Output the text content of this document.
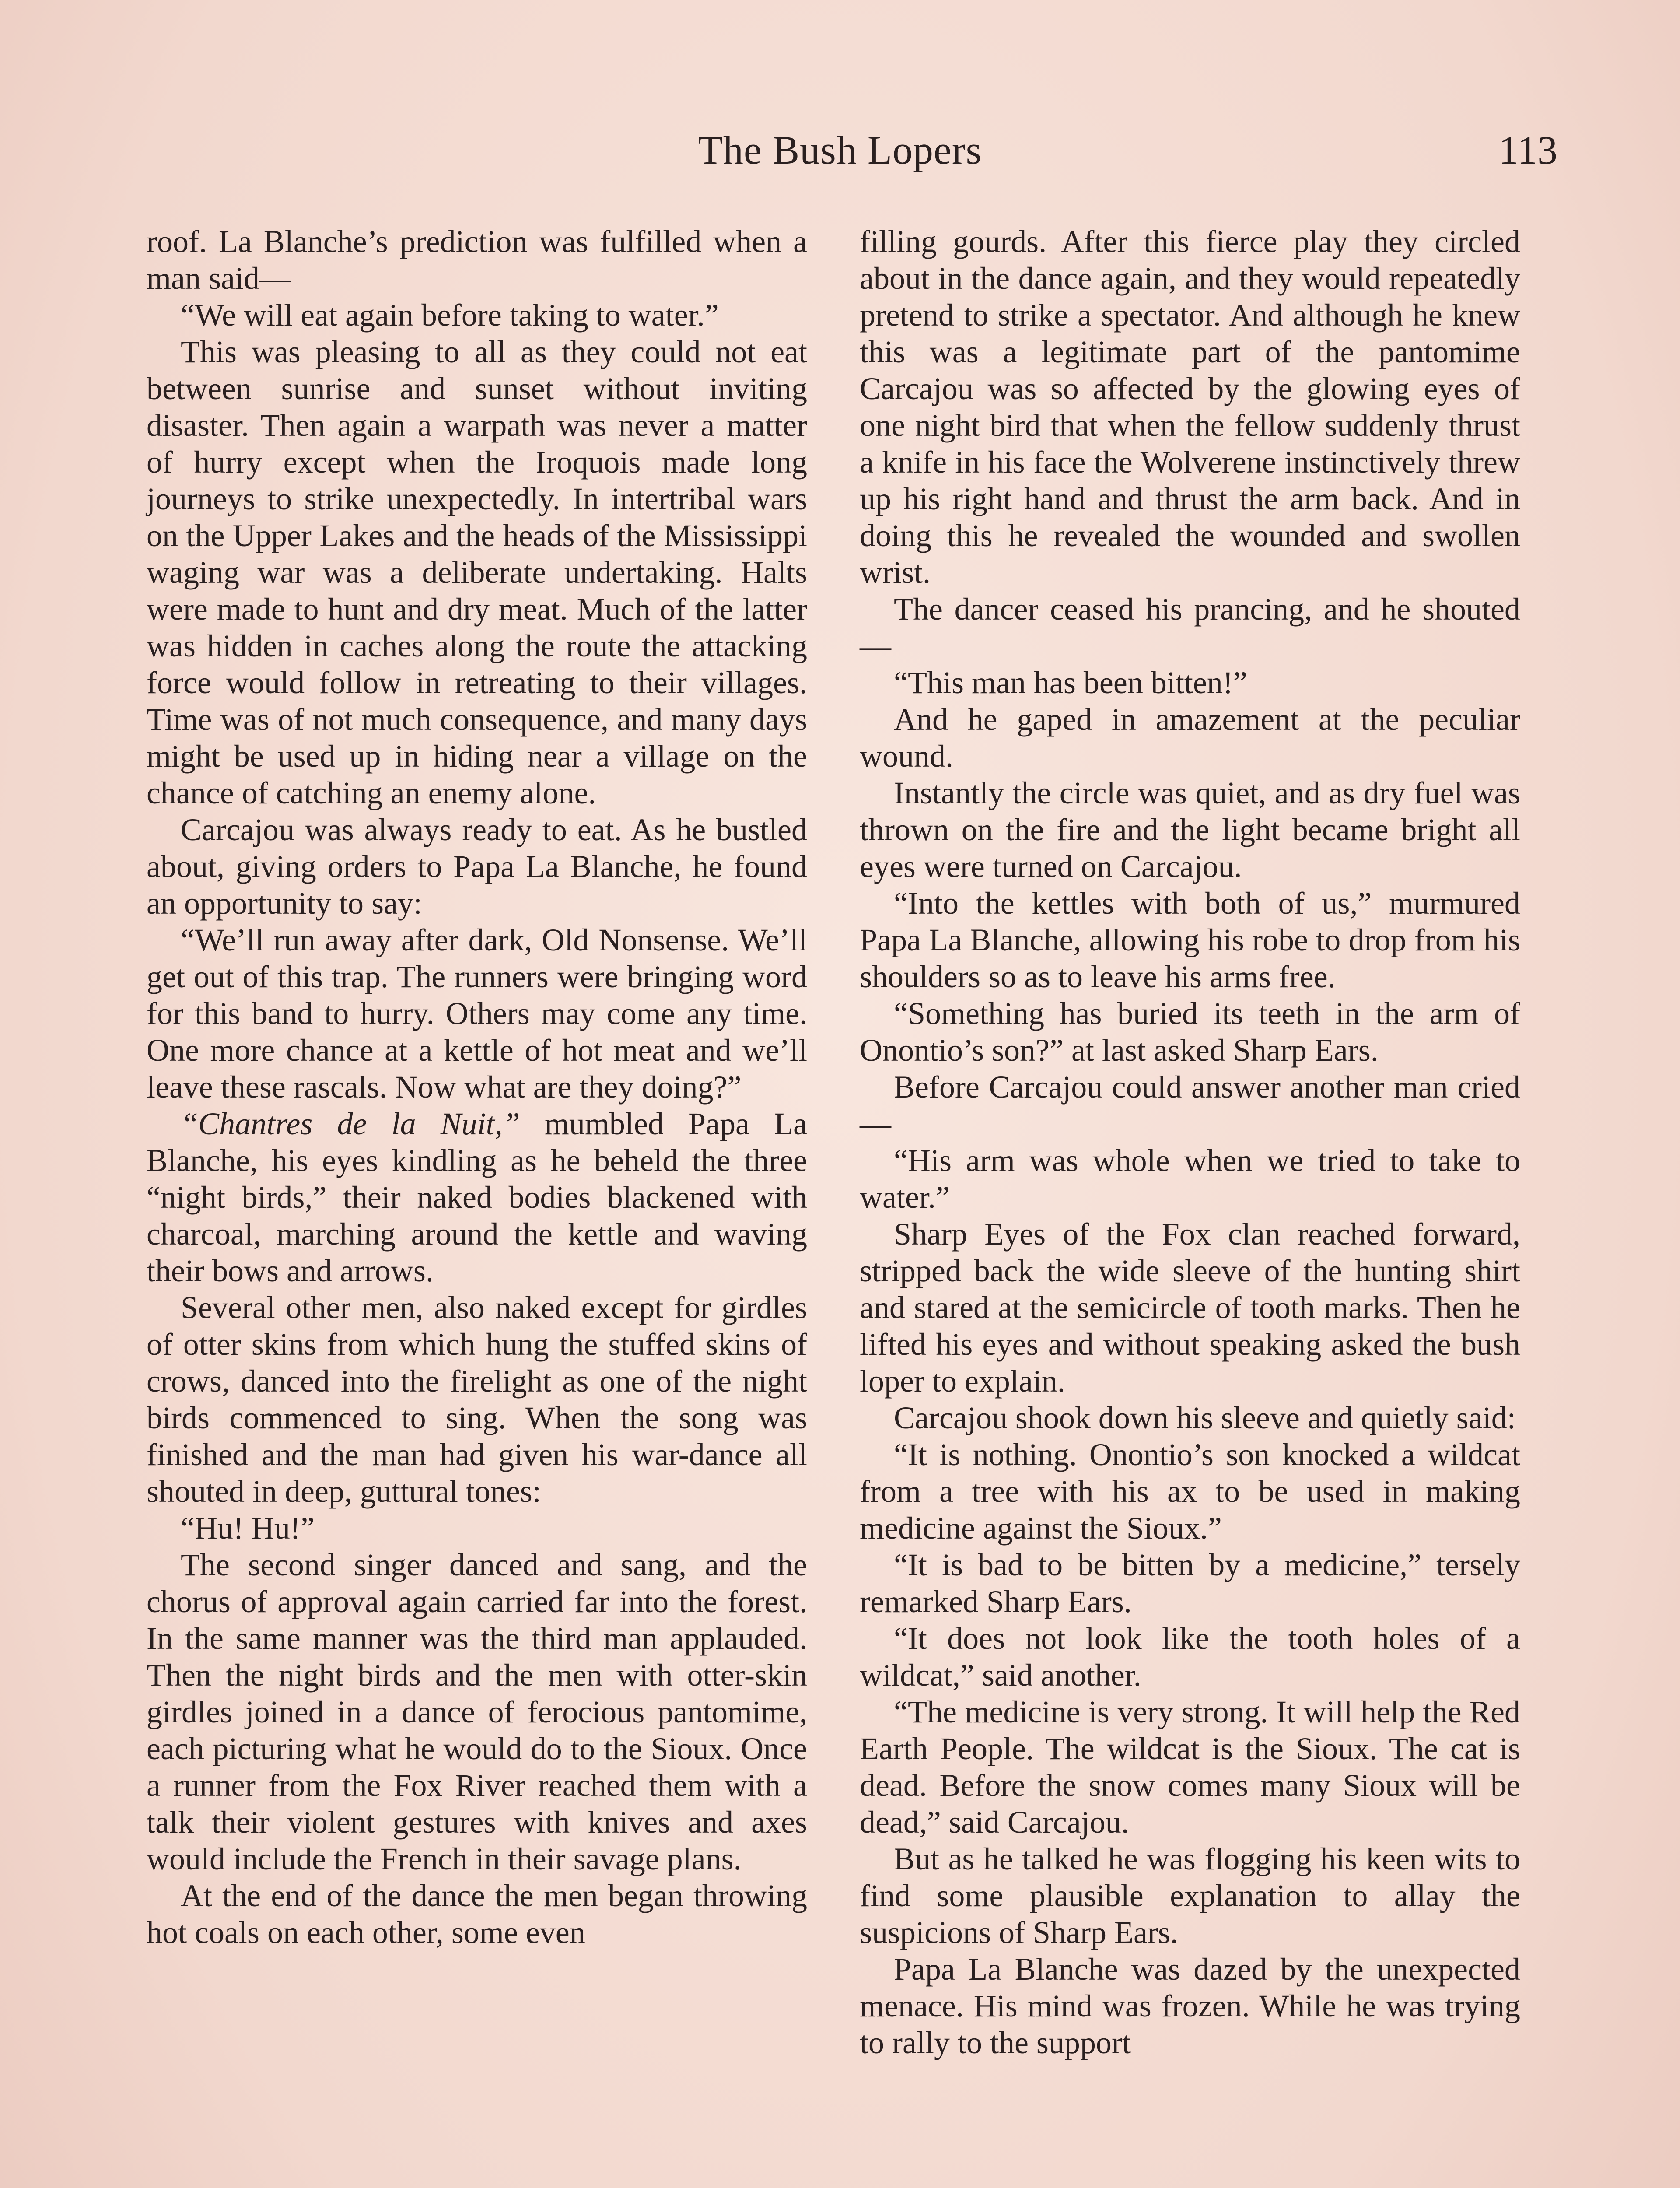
The Bush Lopers	113

roof. La Blanche’s prediction was fulfilled when a man said—

“We will eat again before taking to water.”

This was pleasing to all as they could not eat between sunrise and sunset without inviting disaster. Then again a warpath was never a matter of hurry except when the Iroquois made long journeys to strike unexpectedly. In intertribal wars on the Upper Lakes and the heads of the Mississippi waging war was a deliberate undertaking. Halts were made to hunt and dry meat. Much of the latter was hidden in caches along the route the attacking force would follow in retreating to their villages. Time was of not much consequence, and many days might be used up in hiding near a village on the chance of catching an enemy alone.

Carcajou was always ready to eat. As he bustled about, giving orders to Papa La Blanche, he found an opportunity to say:

“We’ll run away after dark, Old Nonsense. We’ll get out of this trap. The runners were bringing word for this band to hurry. Others may come any time. One more chance at a kettle of hot meat and we’ll leave these rascals. Now what are they doing?”

“Chantres de la Nuit,” mumbled Papa La Blanche, his eyes kindling as he beheld the three “night birds,” their naked bodies blackened with charcoal, marching around the kettle and waving their bows and arrows.

Several other men, also naked except for girdles of otter skins from which hung the stuffed skins of crows, danced into the firelight as one of the night birds commenced to sing. When the song was finished and the man had given his war-dance all shouted in deep, guttural tones:

“Hu! Hu!”

The second singer danced and sang, and the chorus of approval again carried far into the forest. In the same manner was the third man applauded. Then the night birds and the men with otter-skin girdles joined in a dance of ferocious pantomime, each picturing what he would do to the Sioux. Once a runner from the Fox River reached them with a talk their violent gestures with knives and axes would include the French in their savage plans.

At the end of the dance the men began throwing hot coals on each other, some even

filling gourds. After this fierce play they circled about in the dance again, and they would repeatedly pretend to strike a spectator. And although he knew this was a legitimate part of the pantomime Carcajou was so affected by the glowing eyes of one night bird that when the fellow suddenly thrust a knife in his face the Wolverene instinctively threw up his right hand and thrust the arm back. And in doing this he revealed the wounded and swollen wrist.

The dancer ceased his prancing, and he shouted—

“This man has been bitten!”

And he gaped in amazement at the peculiar wound.

Instantly the circle was quiet, and as dry fuel was thrown on the fire and the light became bright all eyes were turned on Carcajou.

“Into the kettles with both of us,” murmured Papa La Blanche, allowing his robe to drop from his shoulders so as to leave his arms free.

“Something has buried its teeth in the arm of Onontio’s son?” at last asked Sharp Ears.

Before Carcajou could answer another man cried—

“His arm was whole when we tried to take to water.”

Sharp Eyes of the Fox clan reached forward, stripped back the wide sleeve of the hunting shirt and stared at the semicircle of tooth marks. Then he lifted his eyes and without speaking asked the bush loper to explain.

Carcajou shook down his sleeve and quietly said:

“It is nothing. Onontio’s son knocked a wildcat from a tree with his ax to be used in making medicine against the Sioux.”

“It is bad to be bitten by a medicine,” tersely remarked Sharp Ears.

“It does not look like the tooth holes of a wildcat,” said another.

“The medicine is very strong. It will help the Red Earth People. The wildcat is the Sioux. The cat is dead. Before the snow comes many Sioux will be dead,” said Carcajou.

But as he talked he was flogging his keen wits to find some plausible explanation to allay the suspicions of Sharp Ears.

Papa La Blanche was dazed by the unexpected menace. His mind was frozen. While he was trying to rally to the support
